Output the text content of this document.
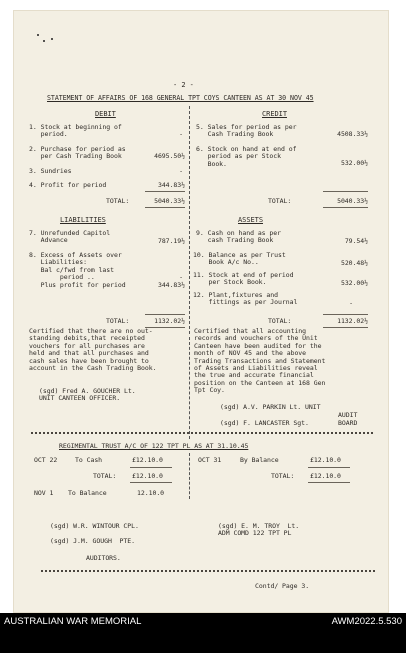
- 2 -
STATEMENT OF AFFAIRS OF 168 GENERAL TPT COYS CANTEEN AS AT 30 NOV 45
DEBIT
1. Stock at beginning of
period.	-
2. Purchase for period as
per Cash Trading Book	4695.50½
3. Sundries	-
4. Profit for period	344.83½
TOTAL:	5040.33½
CREDIT
5. Sales for period as per
Cash Trading Book	4508.33½
6. Stock on hand at end of
period as per Stock
Book.	532.00½
TOTAL:	5040.33½
LIABILITIES
7. Unrefunded Capitol
Advance	787.19½
8. Excess of Assets over
Liabilities:
Bal c/fwd from last
period ..	-
Plus profit for period	344.83½
TOTAL:	1132.02½
ASSETS
9. Cash on hand as per
cash Trading Book	79.54½
10. Balance as per Trust
Book A/c No..	520.48½
11. Stock at end of period
per Stock Book.	532.00½
12. Plant,fixtures and
fittings as per Journal	-
TOTAL:	1132.02½
Certified that there are no out-
standing debits,that receipted
vouchers for all purchases are
held and that all purchases and
cash sales have been brought to
account in the Cash Trading Book.
Certified that all accounting
records and vouchers of the Unit
Canteen have been audited for the
month of NOV 45 and the above
Trading Transactions and Statement
of Assets and Liabilities reveal
the true and accurate financial
position on the Canteen at 168 Gen
Tpt Coy.
(sgd) Fred A. GOUCHER Lt.
UNIT CANTEEN OFFICER.
(sgd) A.V. PARKIN Lt. UNIT
AUDIT
(sgd) F. LANCASTER Sgt.	BOARD
REGIMENTAL TRUST A/C OF 122 TPT PL AS AT 31.10.45
OCT 22	To Cash	£12.10.0	OCT 31	By Balance	£12.10.0
TOTAL: £12.10.0	TOTAL: £12.10.0
NOV 1 To Balance	12.10.0
(sgd) W.R. WINTOUR CPL.

(sgd) J.M. GOUGH  PTE.
AUDITORS.
(sgd) E. M. TROY  Lt.
ADM COMD 122 TPT PL
Contd/ Page 3.
AUSTRALIAN WAR MEMORIAL	AWM2022.5.530
